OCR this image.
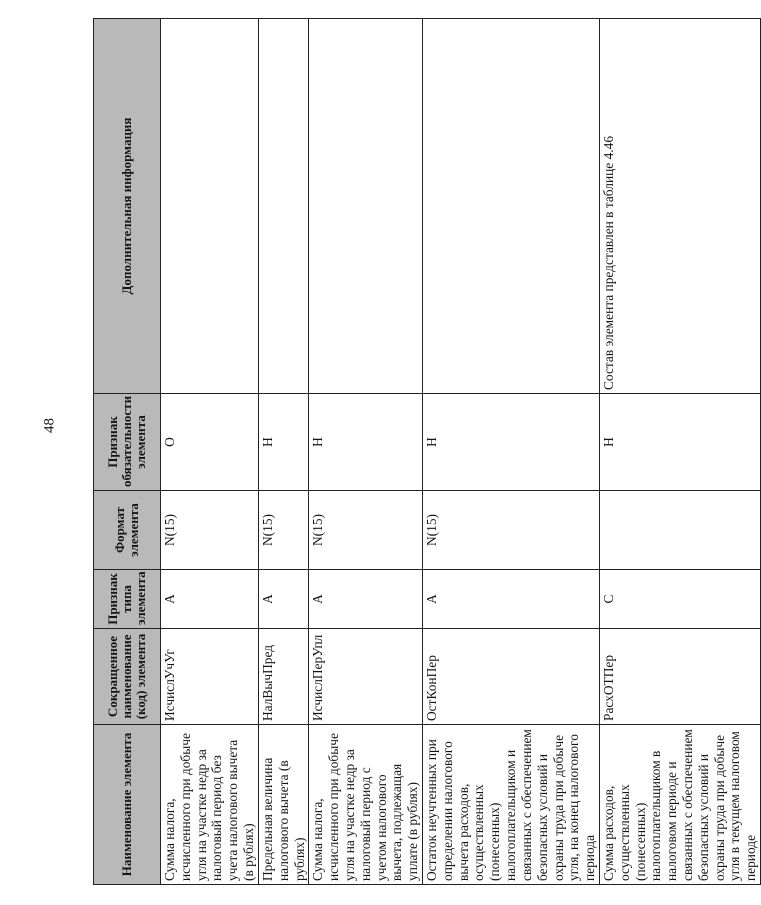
48
Наименование элемента	Сокращенное наименование (код) элемента	Признак типа элемента	Формат элемента	Признак обязательности элемента	Дополнительная информация
Сумма налога, исчисленного при добыче угля на участке недр за налоговый период без учета налогового вычета (в рублях)	ИсчислУчУг	А	N(15)	О	
Предельная величина налогового вычета (в рублях)	НалВычПред	А	N(15)	Н	
Сумма налога, исчисленного при добыче угля на участке недр за налоговый период с учетом налогового вычета, подлежащая уплате (в рублях)	ИсчислПерУпл	А	N(15)	Н	
Остаток неучтенных при определении налогового вычета расходов, осуществленных (понесенных) налогоплательщиком и связанных с обеспечением безопасных условий и охраны труда при добыче угля, на конец налогового периода	ОстКонПер	А	N(15)	Н	
Сумма расходов, осуществленных (понесенных) налогоплательщиком в налоговом периоде и связанных с обеспечением безопасных условий и охраны труда при добыче угля в текущем налоговом периоде	РасхОТПер	С		Н	Состав элемента представлен в таблице 4.46
